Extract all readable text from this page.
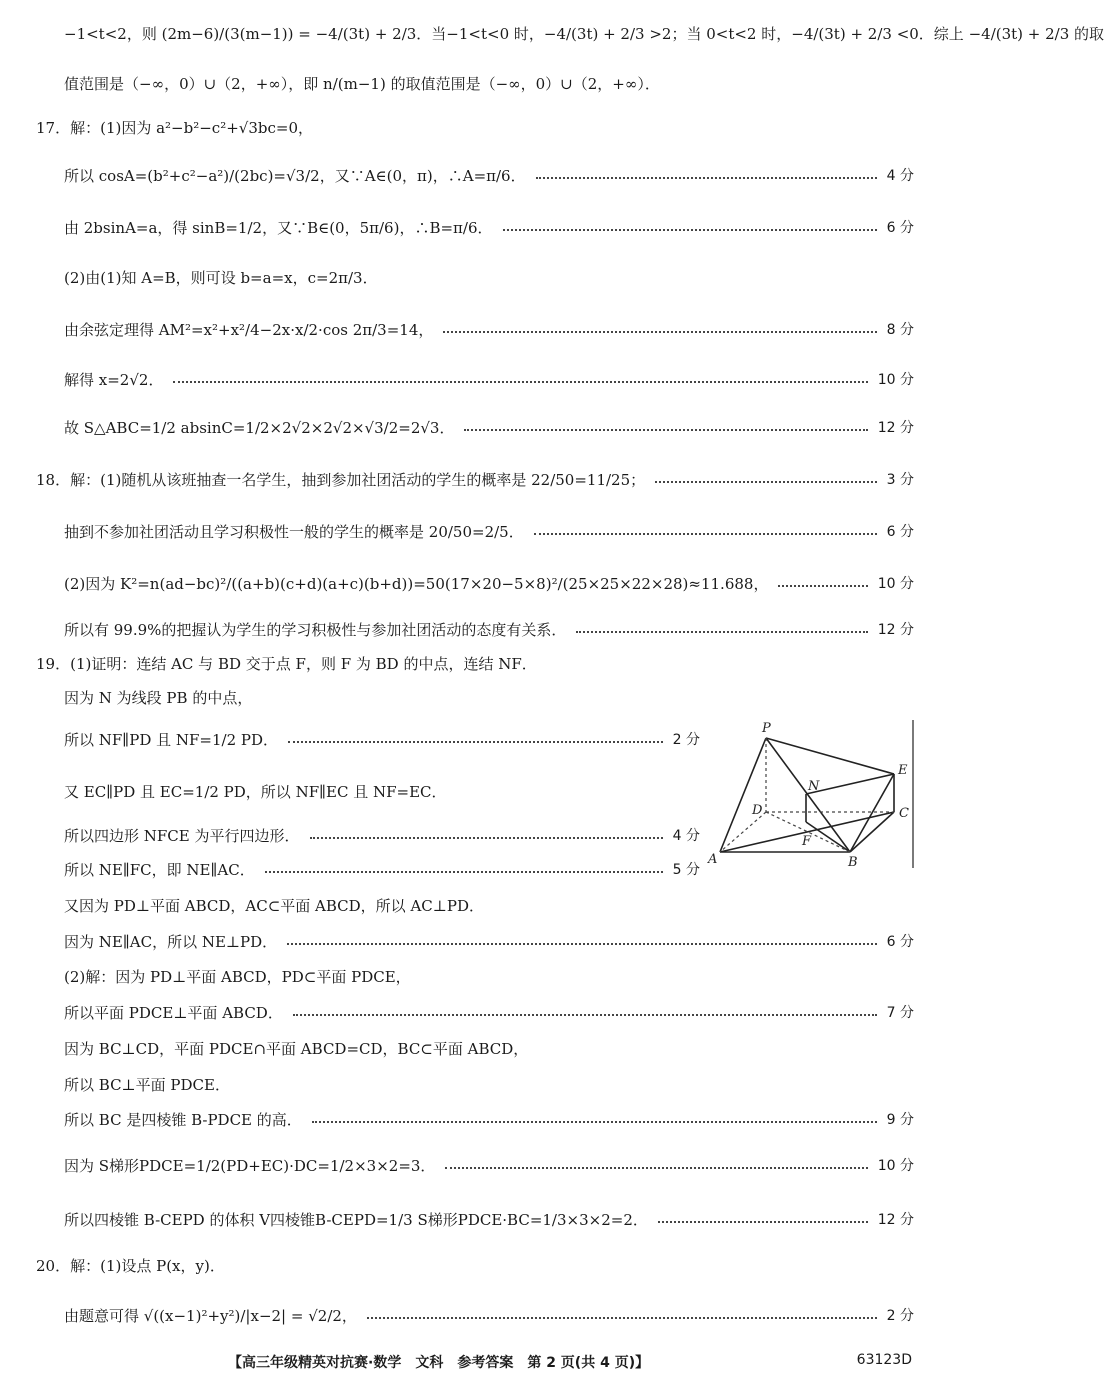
−1<t<2，则 (2m−6)/(3(m−1)) = −4/(3t) + 2/3．当−1<t<0 时，−4/(3t) + 2/3 >2；当 0<t<2 时，−4/(3t) + 2/3 <0．综上 −4/(3t) + 2/3 的取
值范围是（−∞，0）∪（2，+∞），即 n/(m−1) 的取值范围是（−∞，0）∪（2，+∞）．
17．解：(1)因为 a²−b²−c²+√3bc=0，
所以 cosA=(b²+c²−a²)/(2bc)=√3/2，又∵A∈(0，π)，∴A=π/6．	4 分
由 2bsinA=a，得 sinB=1/2，又∵B∈(0，5π/6)，∴B=π/6．	6 分
(2)由(1)知 A=B，则可设 b=a=x，c=2π/3．
由余弦定理得 AM²=x²+x²/4−2x·x/2·cos 2π/3=14，	8 分
解得 x=2√2．	10 分
故 S△ABC=1/2 absinC=1/2×2√2×2√2×√3/2=2√3．	12 分
18．解：(1)随机从该班抽查一名学生，抽到参加社团活动的学生的概率是 22/50=11/25；	3 分
抽到不参加社团活动且学习积极性一般的学生的概率是 20/50=2/5．	6 分
(2)因为 K²=n(ad−bc)²/((a+b)(c+d)(a+c)(b+d))=50(17×20−5×8)²/(25×25×22×28)≈11.688，	10 分
所以有 99.9%的把握认为学生的学习积极性与参加社团活动的态度有关系．	12 分
19．(1)证明：连结 AC 与 BD 交于点 F，则 F 为 BD 的中点，连结 NF．
因为 N 为线段 PB 的中点，
所以 NF∥PD 且 NF=1/2 PD．	2 分
又 EC∥PD 且 EC=1/2 PD，所以 NF∥EC 且 NF=EC．
所以四边形 NFCE 为平行四边形．	4 分
所以 NE∥FC，即 NE∥AC．	5 分
又因为 PD⊥平面 ABCD，AC⊂平面 ABCD，所以 AC⊥PD．
因为 NE∥AC，所以 NE⊥PD．	6 分
(2)解：因为 PD⊥平面 ABCD，PD⊂平面 PDCE，
所以平面 PDCE⊥平面 ABCD．	7 分
因为 BC⊥CD，平面 PDCE∩平面 ABCD=CD，BC⊂平面 ABCD，
所以 BC⊥平面 PDCE．
所以 BC 是四棱锥 B-PDCE 的高．	9 分
因为 S梯形PDCE=1/2(PD+EC)·DC=1/2×3×2=3．	10 分
所以四棱锥 B-CEPD 的体积 V四棱锥B-CEPD=1/3 S梯形PDCE·BC=1/3×3×2=2．	12 分
20．解：(1)设点 P(x，y)．
由题意可得 √((x−1)²+y²)/|x−2| = √2/2，	2 分
P
E
N
D	C
F
A	B
【高三年级精英对抗赛·数学　文科　参考答案　第 2 页(共 4 页)】	63123D
